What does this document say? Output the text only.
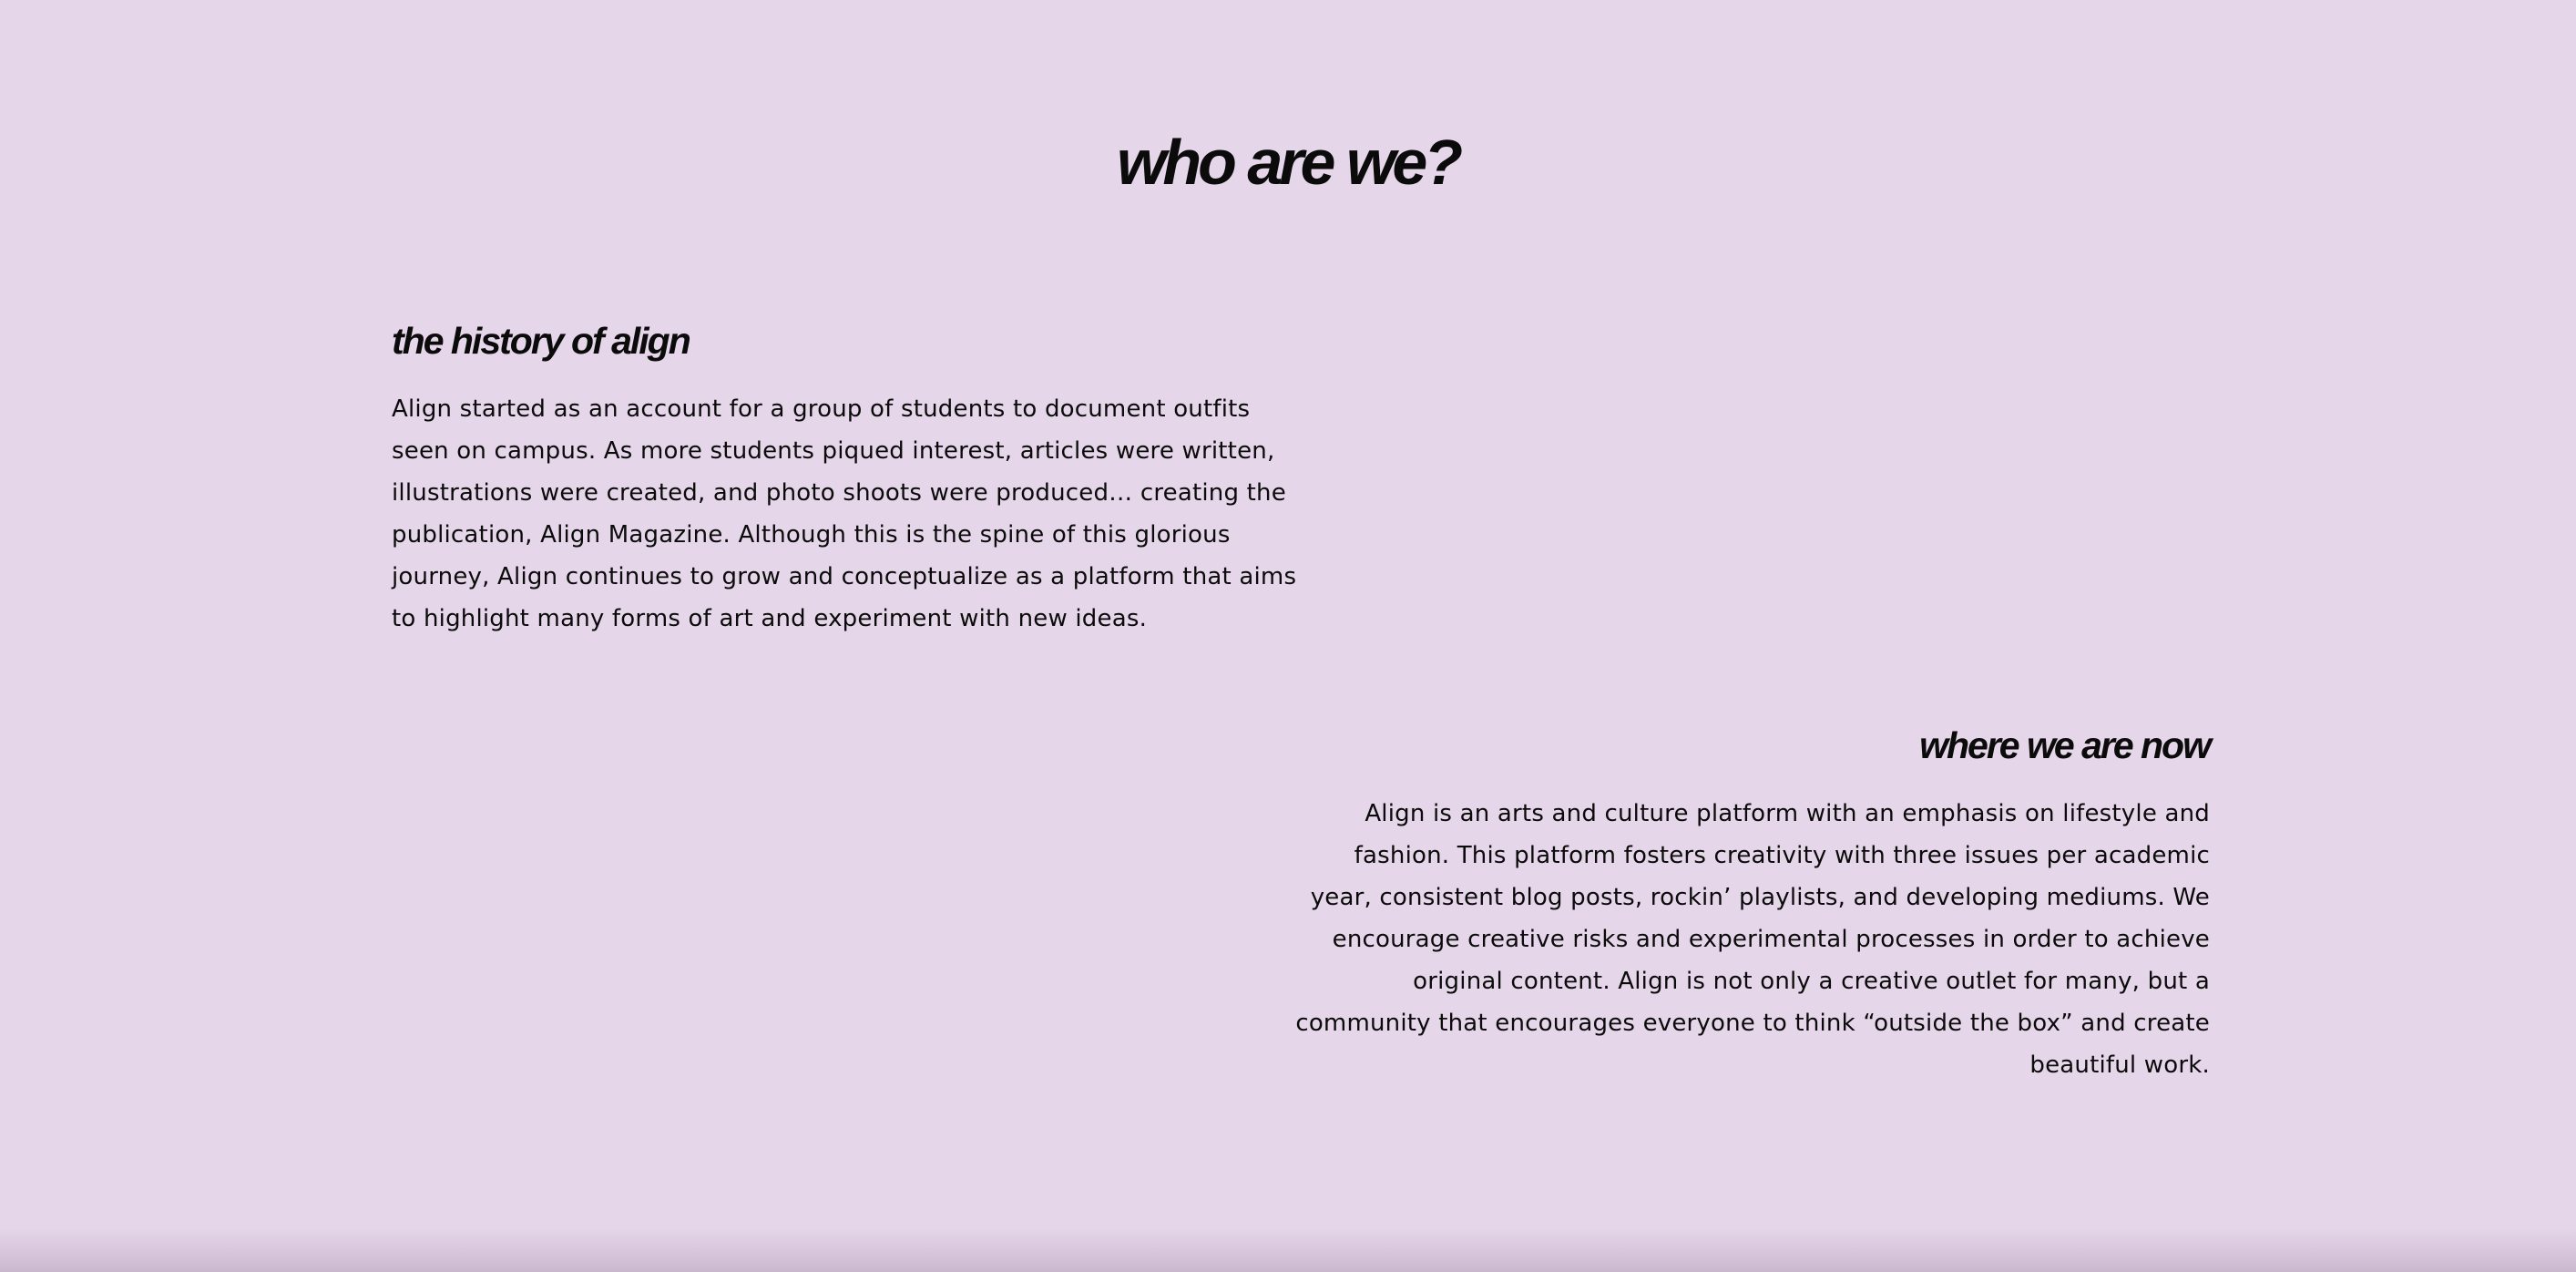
who are we?
the history of align

Align started as an account for a group of students to document outfits seen on campus. As more students piqued interest, articles were written, illustrations were created, and photo shoots were produced… creating the publication, Align Magazine. Although this is the spine of this glorious journey, Align continues to grow and conceptualize as a platform that aims to highlight many forms of art and experiment with new ideas.

where we are now

Align is an arts and culture platform with an emphasis on lifestyle and fashion. This platform fosters creativity with three issues per academic year, consistent blog posts, rockin’ playlists, and developing mediums. We encourage creative risks and experimental processes in order to achieve original content. Align is not only a creative outlet for many, but a community that encourages everyone to think “outside the box” and create beautiful work.
